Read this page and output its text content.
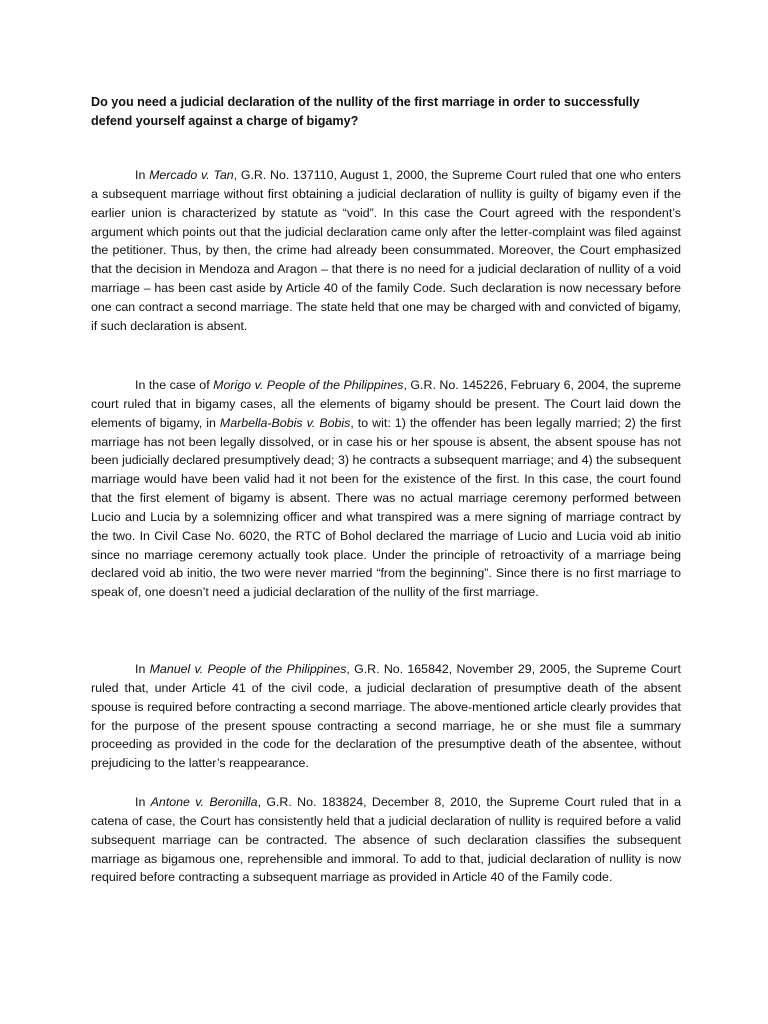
Do you need a judicial declaration of the nullity of the first marriage in order to successfully defend yourself against a charge of bigamy?

In Mercado v. Tan, G.R. No. 137110, August 1, 2000, the Supreme Court ruled that one who enters a subsequent marriage without first obtaining a judicial declaration of nullity is guilty of bigamy even if the earlier union is characterized by statute as “void”. In this case the Court agreed with the respondent’s argument which points out that the judicial declaration came only after the letter-complaint was filed against the petitioner. Thus, by then, the crime had already been consummated. Moreover, the Court emphasized that the decision in Mendoza and Aragon – that there is no need for a judicial declaration of nullity of a void marriage – has been cast aside by Article 40 of the family Code. Such declaration is now necessary before one can contract a second marriage. The state held that one may be charged with and convicted of bigamy, if such declaration is absent.

In the case of Morigo v. People of the Philippines, G.R. No. 145226, February 6, 2004, the supreme court ruled that in bigamy cases, all the elements of bigamy should be present. The Court laid down the elements of bigamy, in Marbella-Bobis v. Bobis, to wit: 1) the offender has been legally married; 2) the first marriage has not been legally dissolved, or in case his or her spouse is absent, the absent spouse has not been judicially declared presumptively dead; 3) he contracts a subsequent marriage; and 4) the subsequent marriage would have been valid had it not been for the existence of the first. In this case, the court found that the first element of bigamy is absent. There was no actual marriage ceremony performed between Lucio and Lucia by a solemnizing officer and what transpired was a mere signing of marriage contract by the two. In Civil Case No. 6020, the RTC of Bohol declared the marriage of Lucio and Lucia void ab initio since no marriage ceremony actually took place. Under the principle of retroactivity of a marriage being declared void ab initio, the two were never married “from the beginning”. Since there is no first marriage to speak of, one doesn’t need a judicial declaration of the nullity of the first marriage.

In Manuel v. People of the Philippines, G.R. No. 165842, November 29, 2005, the Supreme Court ruled that, under Article 41 of the civil code, a judicial declaration of presumptive death of the absent spouse is required before contracting a second marriage. The above-mentioned article clearly provides that for the purpose of the present spouse contracting a second marriage, he or she must file a summary proceeding as provided in the code for the declaration of the presumptive death of the absentee, without prejudicing to the latter’s reappearance.

In Antone v. Beronilla, G.R. No. 183824, December 8, 2010, the Supreme Court ruled that in a catena of case, the Court has consistently held that a judicial declaration of nullity is required before a valid subsequent marriage can be contracted. The absence of such declaration classifies the subsequent marriage as bigamous one, reprehensible and immoral. To add to that, judicial declaration of nullity is now required before contracting a subsequent marriage as provided in Article 40 of the Family code.
